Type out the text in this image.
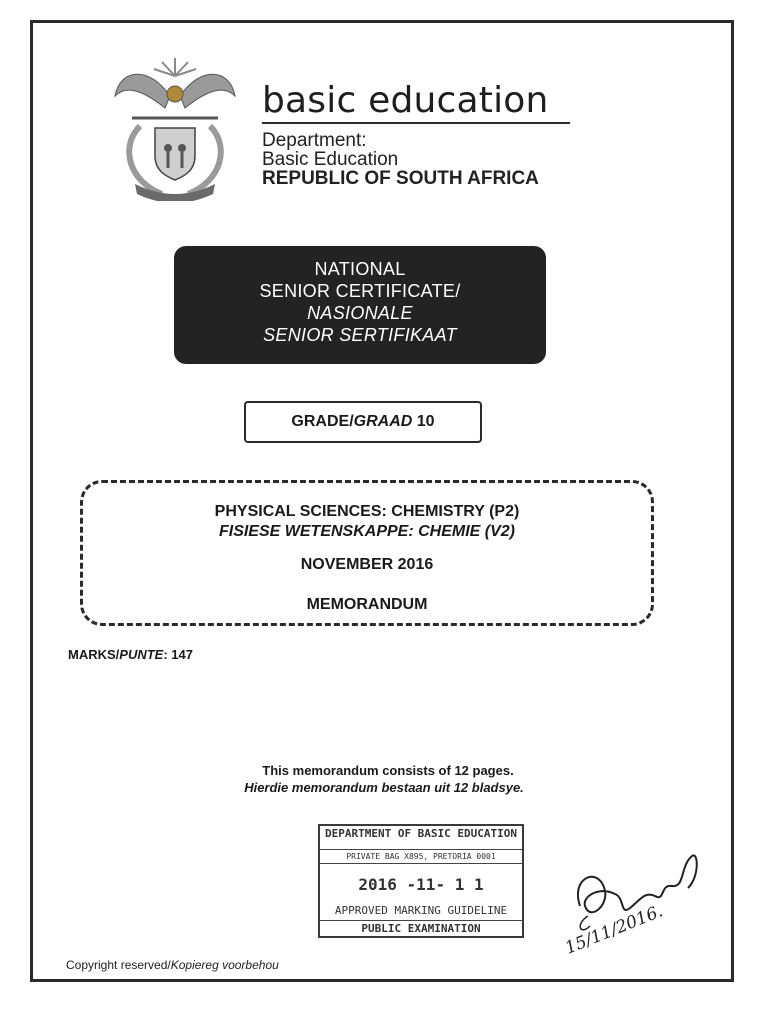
basic education
Department:
Basic Education
REPUBLIC OF SOUTH AFRICA
NATIONAL
SENIOR CERTIFICATE/
NASIONALE
SENIOR SERTIFIKAAT
GRADE/GRAAD 10
PHYSICAL SCIENCES: CHEMISTRY (P2)
FISIESE WETENSKAPPE: CHEMIE (V2)
NOVEMBER 2016
MEMORANDUM
MARKS/PUNTE: 147
This memorandum consists of 12 pages.
Hierdie memorandum bestaan uit 12 bladsye.
DEPARTMENT OF BASIC EDUCATION
PRIVATE BAG X895, PRETORIA 0001
2016 -11- 1 1
APPROVED MARKING GUIDELINE
PUBLIC EXAMINATION	15/11/2016.
Copyright reserved/Kopiereg voorbehou
